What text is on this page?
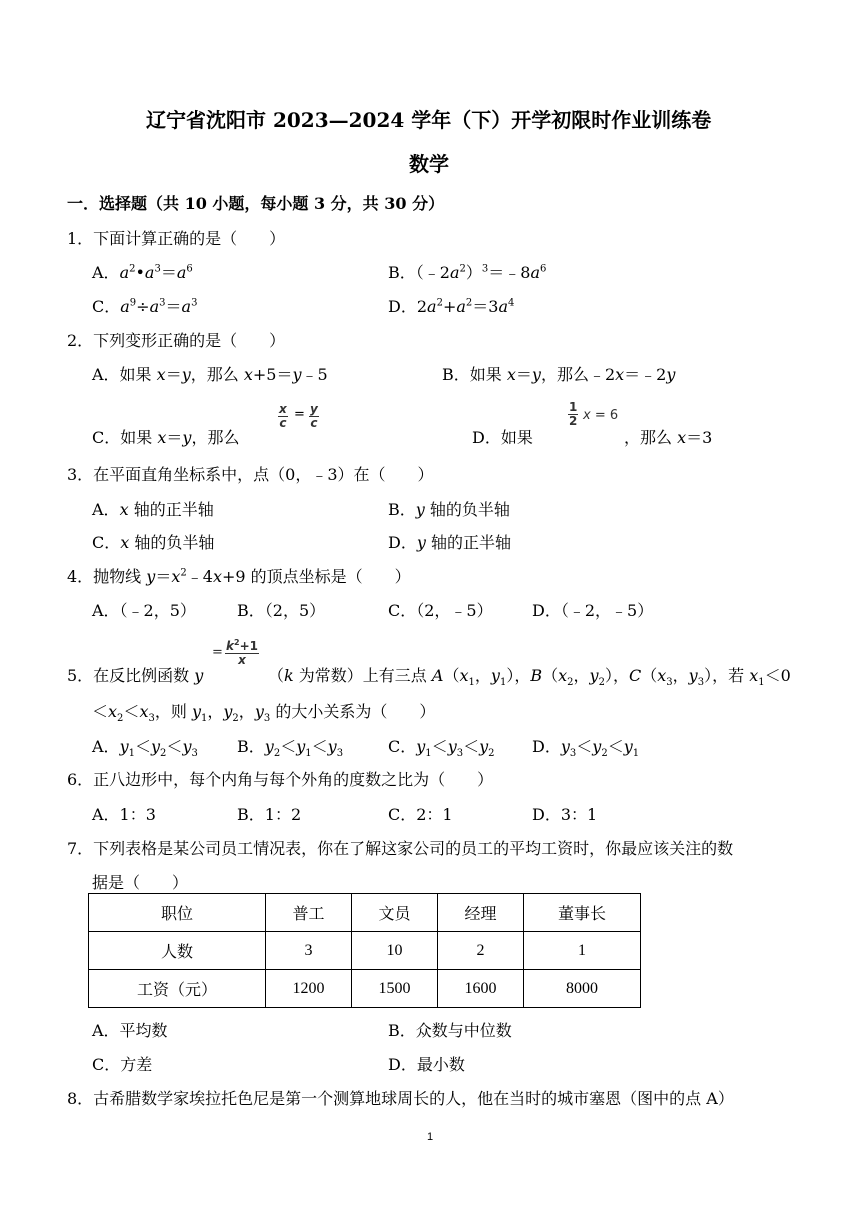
辽宁省沈阳市 2023—2024 学年（下）开学初限时作业训练卷
数学
一．选择题（共 10 小题，每小题 3 分，共 30 分）
1．下面计算正确的是（　　）
A．$a^2•a^3=a^6$	B．$(﹣2a^2)^3=﹣8a^6$
C．$a^9\div a^3=a^3$	D．$2a^2+a^2=3a^4$
2．下列变形正确的是（　　）
A．如果 x＝y，那么 x+5＝y﹣5	B．如果 x＝y，那么﹣2x＝﹣2y
C．如果 x＝y，那么
$\frac{x}{c} = \frac{y}{c}$
D．如果
$\frac{1}{2}$ x = 6
，那么 x＝3
3．在平面直角坐标系中，点（0，﹣3）在（　　）
A．x 轴的正半轴	B．y 轴的负半轴
C．x 轴的负半轴	D．y 轴的正半轴
4．抛物线 $y=x^2﹣4x+9$ 的顶点坐标是（　　）
A．（﹣2，5）	B．（2，5）	C．（2，﹣5） D．（﹣2，﹣5）
= $\frac{k^2+1}{x}$
5．在反比例函数 y	（k 为常数）上有三点 $A(x_1$，$y_1$），$B(x_2$，$y_2$），$C(x_3$，$y_3$），若 $x_1<0$
$<x_2<x_3$，则 $y_1$，$y_2$，$y_3$ 的大小关系为（　　）
A．$y_1<y_2<y_3$ B．$y_2<y_1<y_3$	C．$y_1<y_3<y_2$ D．$y_3<y_2<y_1$
6．正八边形中，每个内角与每个外角的度数之比为（　　）
A．1：3	B．1：2	C．2：1	D．3：1
7．下列表格是某公司员工情况表，你在了解这家公司的员工的平均工资时，你最应该关注的数
据是（　　）
职位	普工	文员	经理	董事长
人数	3	10	2	1
工资（元）	1200	1500	1600	8000
A．平均数	B．众数与中位数
C．方差	D．最小数
8．古希腊数学家埃拉托色尼是第一个测算地球周长的人，他在当时的城市塞恩（图中的点 A）
1
